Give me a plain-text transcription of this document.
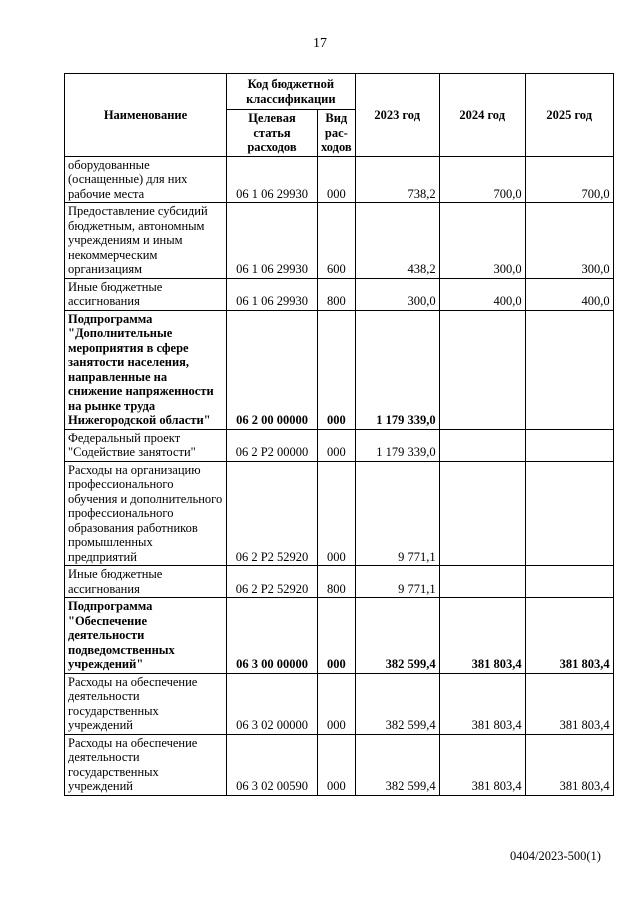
17
Наименование	Код бюджетной классификации		2023 год	2024 год	2025 год
	Целевая статья расходов	Вид рас-ходов			
оборудованные (оснащенные) для них рабочие места	06 1 06 29930	000	738,2	700,0	700,0
Предоставление субсидий бюджетным, автономным учреждениям и иным некоммерческим организациям	06 1 06 29930	600	438,2	300,0	300,0
Иные бюджетные ассигнования	06 1 06 29930	800	300,0	400,0	400,0
Подпрограмма "Дополнительные мероприятия в сфере занятости населения, направленные на снижение напряженности на рынке труда Нижегородской области"	06 2 00 00000	000	1 179 339,0		
Федеральный проект "Содействие занятости"	06 2 Р2 00000	000	1 179 339,0		
Расходы на организацию профессионального обучения и дополнительного профессионального образования работников промышленных предприятий	06 2 Р2 52920	000	9 771,1		
Иные бюджетные ассигнования	06 2 Р2 52920	800	9 771,1		
Подпрограмма "Обеспечение деятельности подведомственных учреждений"	06 3 00 00000	000	382 599,4	381 803,4	381 803,4
Расходы на обеспечение деятельности государственных учреждений	06 3 02 00000	000	382 599,4	381 803,4	381 803,4
Расходы на обеспечение деятельности государственных учреждений	06 3 02 00590	000	382 599,4	381 803,4	381 803,4
0404/2023-500(1)
